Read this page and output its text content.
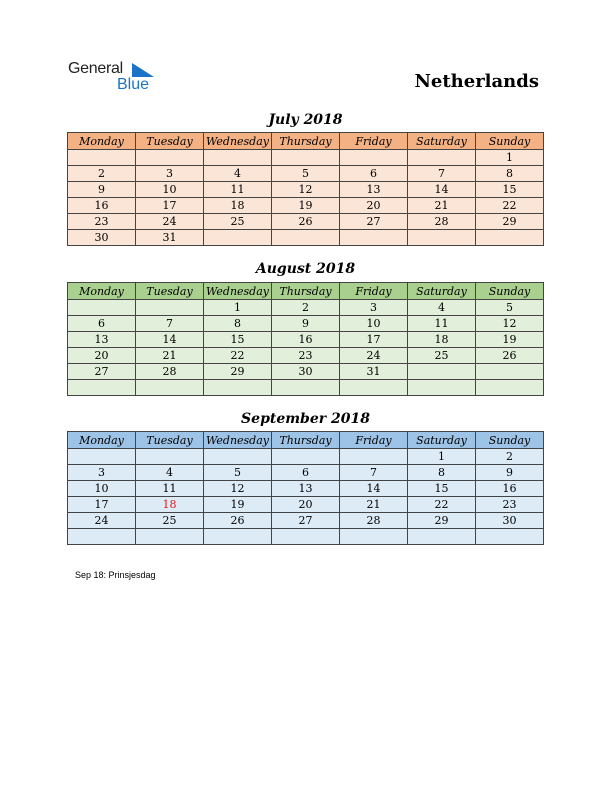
General
Blue	Netherlands
July 2018
Monday	Tuesday	Wednesday	Thursday	Friday	Saturday	Sunday
						1
2	3	4	5	6	7	8
9	10	11	12	13	14	15
16	17	18	19	20	21	22
23	24	25	26	27	28	29
30	31					
August 2018
Monday	Tuesday	Wednesday	Thursday	Friday	Saturday	Sunday
		1	2	3	4	5
6	7	8	9	10	11	12
13	14	15	16	17	18	19
20	21	22	23	24	25	26
27	28	29	30	31		

September 2018
Monday	Tuesday	Wednesday	Thursday	Friday	Saturday	Sunday
					1	2
3	4	5	6	7	8	9
10	11	12	13	14	15	16
17	18	19	20	21	22	23
24	25	26	27	28	29	30

Sep 18: Prinsjesdag
